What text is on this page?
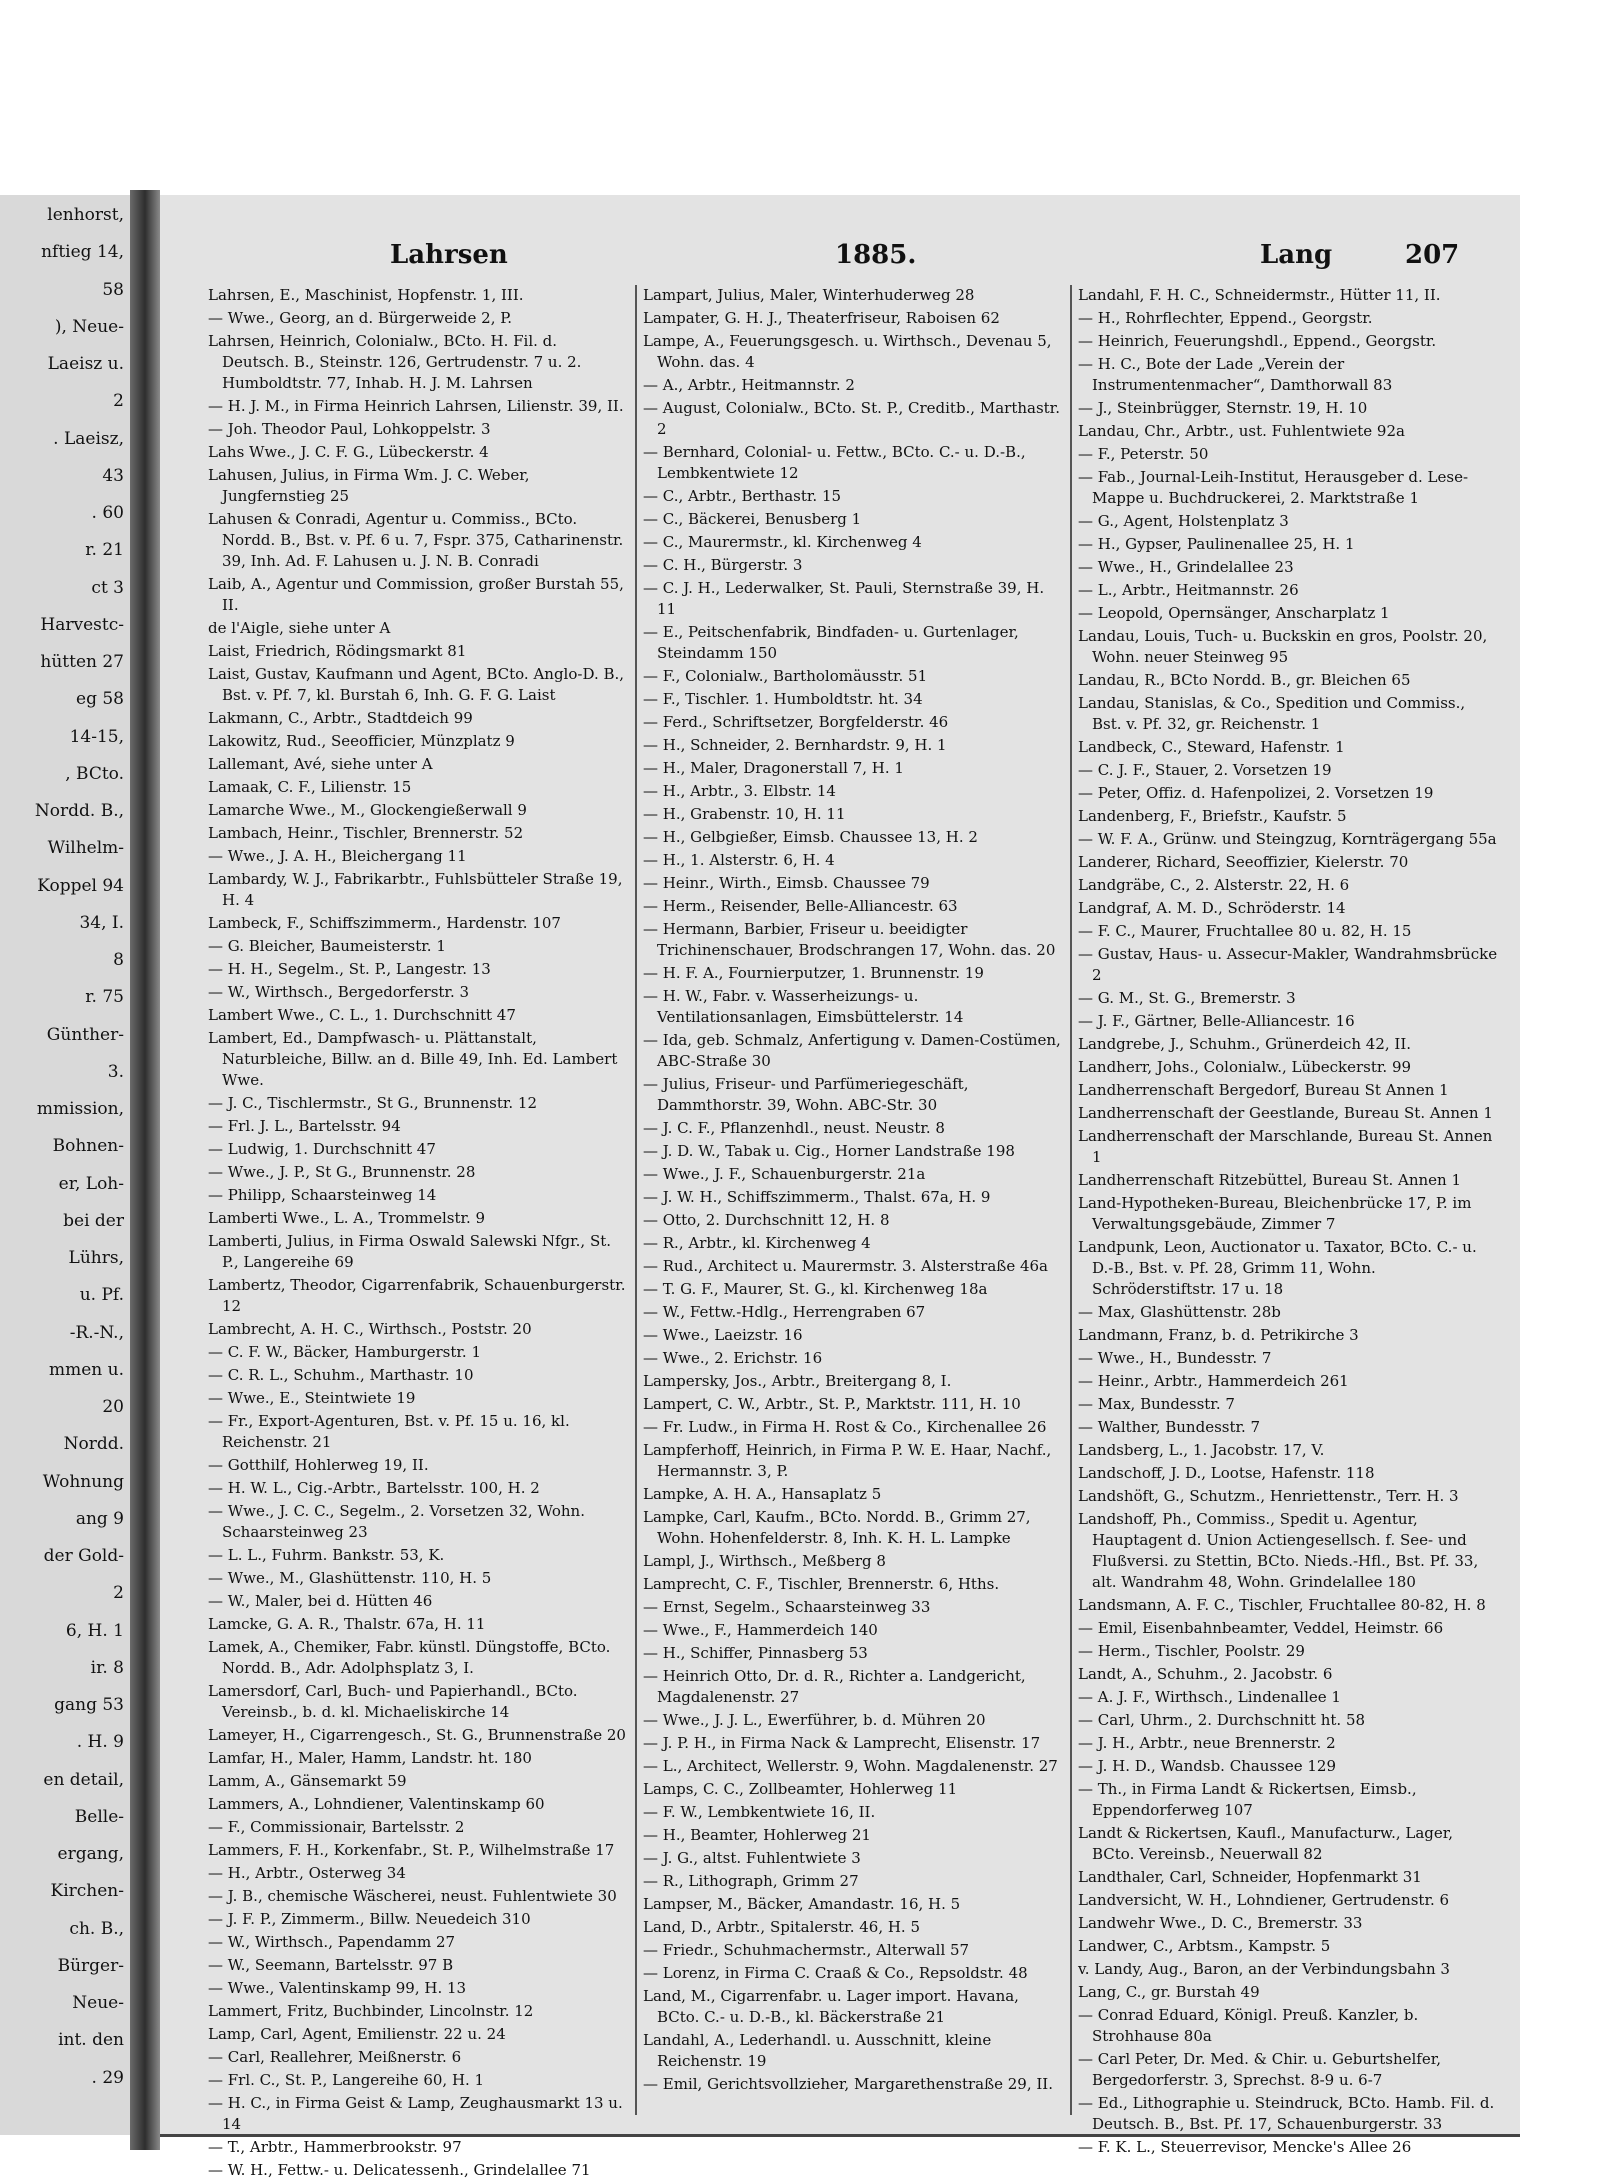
lenhorst,
nftieg 14,
58
), Neue-
Laeisz u.
2
. Laeisz,
43
. 60
r. 21
ct 3
Harvestc-
hütten 27
eg 58
14-15,
, BCto.
Nordd. B.,
Wilhelm-
Koppel 94
34, I.
8
r. 75
Günther-
3.
mmission,
Bohnen-
er, Loh-
bei der
Lührs,
u. Pf.
-R.-N.,
mmen u.
20
Nordd.
Wohnung
ang 9
der Gold-
2
6, H. 1
ir. 8
gang 53
. H. 9
en detail,
Belle-
ergang,
Kirchen-
ch. B.,
Bürger-
Neue-
int. den
. 29
Lahrsen	1885.	Lang	207

Lahrsen, E., Maschinist, Hopfenstr. 1, III.

— Wwe., Georg, an d. Bürgerweide 2, P.

Lahrsen, Heinrich, Colonialw., BCto. H. Fil. d. Deutsch. B., Steinstr. 126, Gertrudenstr. 7 u. 2. Humboldtstr. 77, Inhab. H. J. M. Lahrsen

— H. J. M., in Firma Heinrich Lahrsen, Lilienstr. 39, II.

— Joh. Theodor Paul, Lohkoppelstr. 3

Lahs Wwe., J. C. F. G., Lübeckerstr. 4

Lahusen, Julius, in Firma Wm. J. C. Weber, Jungfernstieg 25

Lahusen & Conradi, Agentur u. Commiss., BCto. Nordd. B., Bst. v. Pf. 6 u. 7, Fspr. 375, Catharinenstr. 39, Inh. Ad. F. Lahusen u. J. N. B. Conradi

Laib, A., Agentur und Commission, großer Burstah 55, II.

de l'Aigle, siehe unter A

Laist, Friedrich, Rödingsmarkt 81

Laist, Gustav, Kaufmann und Agent, BCto. Anglo-D. B., Bst. v. Pf. 7, kl. Burstah 6, Inh. G. F. G. Laist

Lakmann, C., Arbtr., Stadtdeich 99

Lakowitz, Rud., Seeofficier, Münzplatz 9

Lallemant, Avé, siehe unter A

Lamaak, C. F., Lilienstr. 15

Lamarche Wwe., M., Glockengießerwall 9

Lambach, Heinr., Tischler, Brennerstr. 52

— Wwe., J. A. H., Bleichergang 11

Lambardy, W. J., Fabrikarbtr., Fuhlsbütteler Straße 19, H. 4

Lambeck, F., Schiffszimmerm., Hardenstr. 107

— G. Bleicher, Baumeisterstr. 1

— H. H., Segelm., St. P., Langestr. 13

— W., Wirthsch., Bergedorferstr. 3

Lambert Wwe., C. L., 1. Durchschnitt 47

Lambert, Ed., Dampfwasch- u. Plättanstalt, Naturbleiche, Billw. an d. Bille 49, Inh. Ed. Lambert Wwe.

— J. C., Tischlermstr., St G., Brunnenstr. 12

— Frl. J. L., Bartelsstr. 94

— Ludwig, 1. Durchschnitt 47

— Wwe., J. P., St G., Brunnenstr. 28

— Philipp, Schaarsteinweg 14

Lamberti Wwe., L. A., Trommelstr. 9

Lamberti, Julius, in Firma Oswald Salewski Nfgr., St. P., Langereihe 69

Lambertz, Theodor, Cigarrenfabrik, Schauenburgerstr. 12

Lambrecht, A. H. C., Wirthsch., Poststr. 20

— C. F. W., Bäcker, Hamburgerstr. 1

— C. R. L., Schuhm., Marthastr. 10

— Wwe., E., Steintwiete 19

— Fr., Export-Agenturen, Bst. v. Pf. 15 u. 16, kl. Reichenstr. 21

— Gotthilf, Hohlerweg 19, II.

— H. W. L., Cig.-Arbtr., Bartelsstr. 100, H. 2

— Wwe., J. C. C., Segelm., 2. Vorsetzen 32, Wohn. Schaarsteinweg 23

— L. L., Fuhrm. Bankstr. 53, K.

— Wwe., M., Glashüttenstr. 110, H. 5

— W., Maler, bei d. Hütten 46

Lamcke, G. A. R., Thalstr. 67a, H. 11

Lamek, A., Chemiker, Fabr. künstl. Düngstoffe, BCto. Nordd. B., Adr. Adolphsplatz 3, I.

Lamersdorf, Carl, Buch- und Papierhandl., BCto. Vereinsb., b. d. kl. Michaeliskirche 14

Lameyer, H., Cigarrengesch., St. G., Brunnenstraße 20

Lamfar, H., Maler, Hamm, Landstr. ht. 180

Lamm, A., Gänsemarkt 59

Lammers, A., Lohndiener, Valentinskamp 60

— F., Commissionair, Bartelsstr. 2

Lammers, F. H., Korkenfabr., St. P., Wilhelmstraße 17

— H., Arbtr., Osterweg 34

— J. B., chemische Wäscherei, neust. Fuhlentwiete 30

— J. F. P., Zimmerm., Billw. Neuedeich 310

— W., Wirthsch., Papendamm 27

— W., Seemann, Bartelsstr. 97 B

— Wwe., Valentinskamp 99, H. 13

Lammert, Fritz, Buchbinder, Lincolnstr. 12

Lamp, Carl, Agent, Emilienstr. 22 u. 24

— Carl, Reallehrer, Meißnerstr. 6

— Frl. C., St. P., Langereihe 60, H. 1

— H. C., in Firma Geist & Lamp, Zeughausmarkt 13 u. 14

— T., Arbtr., Hammerbrookstr. 97

— W. H., Fettw.- u. Delicatessenh., Grindelallee 71

Lampart, Julius, Maler, Winterhuderweg 28

Lampater, G. H. J., Theaterfriseur, Raboisen 62

Lampe, A., Feuerungsgesch. u. Wirthsch., Devenau 5, Wohn. das. 4

— A., Arbtr., Heitmannstr. 2

— August, Colonialw., BCto. St. P., Creditb., Marthastr. 2

— Bernhard, Colonial- u. Fettw., BCto. C.- u. D.-B., Lembkentwiete 12

— C., Arbtr., Berthastr. 15

— C., Bäckerei, Benusberg 1

— C., Maurermstr., kl. Kirchenweg 4

— C. H., Bürgerstr. 3

— C. J. H., Lederwalker, St. Pauli, Sternstraße 39, H. 11

— E., Peitschenfabrik, Bindfaden- u. Gurtenlager, Steindamm 150

— F., Colonialw., Bartholomäusstr. 51

— F., Tischler. 1. Humboldtstr. ht. 34

— Ferd., Schriftsetzer, Borgfelderstr. 46

— H., Schneider, 2. Bernhardstr. 9, H. 1

— H., Maler, Dragonerstall 7, H. 1

— H., Arbtr., 3. Elbstr. 14

— H., Grabenstr. 10, H. 11

— H., Gelbgießer, Eimsb. Chaussee 13, H. 2

— H., 1. Alsterstr. 6, H. 4

— Heinr., Wirth., Eimsb. Chaussee 79

— Herm., Reisender, Belle-Alliancestr. 63

— Hermann, Barbier, Friseur u. beeidigter Trichinenschauer, Brodschrangen 17, Wohn. das. 20

— H. F. A., Fournierputzer, 1. Brunnenstr. 19

— H. W., Fabr. v. Wasserheizungs- u. Ventilationsanlagen, Eimsbüttelerstr. 14

— Ida, geb. Schmalz, Anfertigung v. Damen-Costümen, ABC-Straße 30

— Julius, Friseur- und Parfümeriegeschäft, Dammthorstr. 39, Wohn. ABC-Str. 30

— J. C. F., Pflanzenhdl., neust. Neustr. 8

— J. D. W., Tabak u. Cig., Horner Landstraße 198

— Wwe., J. F., Schauenburgerstr. 21a

— J. W. H., Schiffszimmerm., Thalst. 67a, H. 9

— Otto, 2. Durchschnitt 12, H. 8

— R., Arbtr., kl. Kirchenweg 4

— Rud., Architect u. Maurermstr. 3. Alsterstraße 46a

— T. G. F., Maurer, St. G., kl. Kirchenweg 18a

— W., Fettw.-Hdlg., Herrengraben 67

— Wwe., Laeizstr. 16

— Wwe., 2. Erichstr. 16

Lampersky, Jos., Arbtr., Breitergang 8, I.

Lampert, C. W., Arbtr., St. P., Marktstr. 111, H. 10

— Fr. Ludw., in Firma H. Rost & Co., Kirchenallee 26

Lampferhoff, Heinrich, in Firma P. W. E. Haar, Nachf., Hermannstr. 3, P.

Lampke, A. H. A., Hansaplatz 5

Lampke, Carl, Kaufm., BCto. Nordd. B., Grimm 27, Wohn. Hohenfelderstr. 8, Inh. K. H. L. Lampke

Lampl, J., Wirthsch., Meßberg 8

Lamprecht, C. F., Tischler, Brennerstr. 6, Hths.

— Ernst, Segelm., Schaarsteinweg 33

— Wwe., F., Hammerdeich 140

— H., Schiffer, Pinnasberg 53

— Heinrich Otto, Dr. d. R., Richter a. Landgericht, Magdalenenstr. 27

— Wwe., J. J. L., Ewerführer, b. d. Mühren 20

— J. P. H., in Firma Nack & Lamprecht, Elisenstr. 17

— L., Architect, Wellerstr. 9, Wohn. Magdalenenstr. 27

Lamps, C. C., Zollbeamter, Hohlerweg 11

— F. W., Lembkentwiete 16, II.

— H., Beamter, Hohlerweg 21

— J. G., altst. Fuhlentwiete 3

— R., Lithograph, Grimm 27

Lampser, M., Bäcker, Amandastr. 16, H. 5

Land, D., Arbtr., Spitalerstr. 46, H. 5

— Friedr., Schuhmachermstr., Alterwall 57

— Lorenz, in Firma C. Craaß & Co., Repsoldstr. 48

Land, M., Cigarrenfabr. u. Lager import. Havana, BCto. C.- u. D.-B., kl. Bäckerstraße 21

Landahl, A., Lederhandl. u. Ausschnitt, kleine Reichenstr. 19

— Emil, Gerichtsvollzieher, Margarethenstraße 29, II.

Landahl, F. H. C., Schneidermstr., Hütter 11, II.

— H., Rohrflechter, Eppend., Georgstr.

— Heinrich, Feuerungshdl., Eppend., Georgstr.

— H. C., Bote der Lade „Verein der Instrumentenmacher“, Damthorwall 83

— J., Steinbrügger, Sternstr. 19, H. 10

Landau, Chr., Arbtr., ust. Fuhlentwiete 92a

— F., Peterstr. 50

— Fab., Journal-Leih-Institut, Herausgeber d. Lese-Mappe u. Buchdruckerei, 2. Marktstraße 1

— G., Agent, Holstenplatz 3

— H., Gypser, Paulinenallee 25, H. 1

— Wwe., H., Grindelallee 23

— L., Arbtr., Heitmannstr. 26

— Leopold, Opernsänger, Anscharplatz 1

Landau, Louis, Tuch- u. Buckskin en gros, Poolstr. 20, Wohn. neuer Steinweg 95

Landau, R., BCto Nordd. B., gr. Bleichen 65

Landau, Stanislas, & Co., Spedition und Commiss., Bst. v. Pf. 32, gr. Reichenstr. 1

Landbeck, C., Steward, Hafenstr. 1

— C. J. F., Stauer, 2. Vorsetzen 19

— Peter, Offiz. d. Hafenpolizei, 2. Vorsetzen 19

Landenberg, F., Briefstr., Kaufstr. 5

— W. F. A., Grünw. und Steingzug, Kornträgergang 55a

Landerer, Richard, Seeoffizier, Kielerstr. 70

Landgräbe, C., 2. Alsterstr. 22, H. 6

Landgraf, A. M. D., Schröderstr. 14

— F. C., Maurer, Fruchtallee 80 u. 82, H. 15

— Gustav, Haus- u. Assecur-Makler, Wandrahmsbrücke 2

— G. M., St. G., Bremerstr. 3

— J. F., Gärtner, Belle-Alliancestr. 16

Landgrebe, J., Schuhm., Grünerdeich 42, II.

Landherr, Johs., Colonialw., Lübeckerstr. 99

Landherrenschaft Bergedorf, Bureau St Annen 1

Landherrenschaft der Geestlande, Bureau St. Annen 1

Landherrenschaft der Marschlande, Bureau St. Annen 1

Landherrenschaft Ritzebüttel, Bureau St. Annen 1

Land-Hypotheken-Bureau, Bleichenbrücke 17, P. im Verwaltungsgebäude, Zimmer 7

Landpunk, Leon, Auctionator u. Taxator, BCto. C.- u. D.-B., Bst. v. Pf. 28, Grimm 11, Wohn. Schröderstiftstr. 17 u. 18

— Max, Glashüttenstr. 28b

Landmann, Franz, b. d. Petrikirche 3

— Wwe., H., Bundesstr. 7

— Heinr., Arbtr., Hammerdeich 261

— Max, Bundesstr. 7

— Walther, Bundesstr. 7

Landsberg, L., 1. Jacobstr. 17, V.

Landschoff, J. D., Lootse, Hafenstr. 118

Landshöft, G., Schutzm., Henriettenstr., Terr. H. 3

Landshoff, Ph., Commiss., Spedit u. Agentur, Hauptagent d. Union Actiengesellsch. f. See- und Flußversi. zu Stettin, BCto. Nieds.-Hfl., Bst. Pf. 33, alt. Wandrahm 48, Wohn. Grindelallee 180

Landsmann, A. F. C., Tischler, Fruchtallee 80-82, H. 8

— Emil, Eisenbahnbeamter, Veddel, Heimstr. 66

— Herm., Tischler, Poolstr. 29

Landt, A., Schuhm., 2. Jacobstr. 6

— A. J. F., Wirthsch., Lindenallee 1

— Carl, Uhrm., 2. Durchschnitt ht. 58

— J. H., Arbtr., neue Brennerstr. 2

— J. H. D., Wandsb. Chaussee 129

— Th., in Firma Landt & Rickertsen, Eimsb., Eppendorferweg 107

Landt & Rickertsen, Kaufl., Manufacturw., Lager, BCto. Vereinsb., Neuerwall 82

Landthaler, Carl, Schneider, Hopfenmarkt 31

Landversicht, W. H., Lohndiener, Gertrudenstr. 6

Landwehr Wwe., D. C., Bremerstr. 33

Landwer, C., Arbtsm., Kampstr. 5

v. Landy, Aug., Baron, an der Verbindungsbahn 3

Lang, C., gr. Burstah 49

— Conrad Eduard, Königl. Preuß. Kanzler, b. Strohhause 80a

— Carl Peter, Dr. Med. & Chir. u. Geburtshelfer, Bergedorferstr. 3, Sprechst. 8-9 u. 6-7

— Ed., Lithographie u. Steindruck, BCto. Hamb. Fil. d. Deutsch. B., Bst. Pf. 17, Schauenburgerstr. 33

— F. K. L., Steuerrevisor, Mencke's Allee 26
